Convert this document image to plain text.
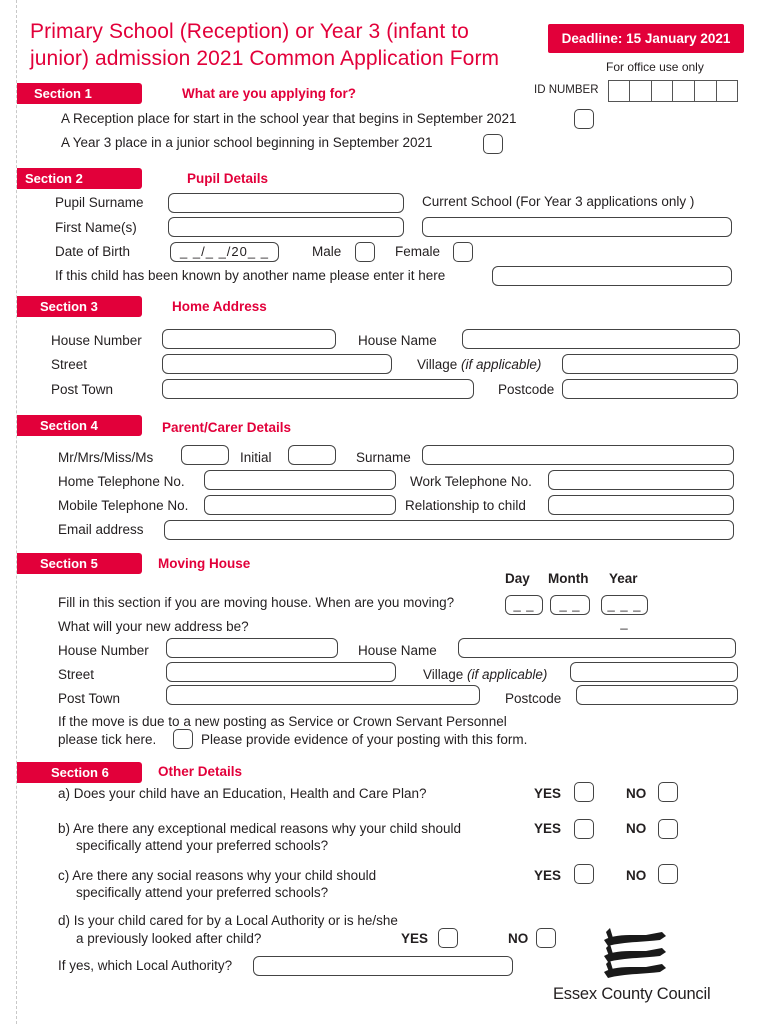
Primary School (Reception) or Year 3 (infant to
junior) admission 2021 Common Application Form
Deadline: 15 January 2021
For office use only
ID NUMBER
Section 1	What are you applying for?
A Reception place for start in the school year that begins in September 2021
A Year 3 place in a junior school beginning in September 2021
Section 2	Pupil Details
Pupil Surname	Current School (For Year 3 applications only )
First Name(s)
Date of Birth	_ _/_ _/20_ _	Male	Female
If this child has been known by another name please enter it here
Section 3	Home Address
House Number	House Name
Street	Village (if applicable)
Post Town	Postcode
Section 4	Parent/Carer Details
Mr/Mrs/Miss/Ms	Initial	Surname
Home Telephone No.	Work Telephone No.
Mobile Telephone No.	Relationship to child
Email address
Section 5	Moving House
Day Month Year
Fill in this section if you are moving house. When are you moving?	_ _	_ _	_ _ _ _
What will your new address be?
House Number	House Name
Street	Village (if applicable)
Post Town	Postcode
If the move is due to a new posting as Service or Crown Servant Personnel
please tick here.	Please provide evidence of your posting with this form.
Section 6	Other Details
a) Does your child have an Education, Health and Care Plan?	YES	NO
b) Are there any exceptional medical reasons why your child should
specifically attend your preferred schools?
YES	NO
c) Are there any social reasons why your child should
specifically attend your preferred schools?
YES	NO
d) Is your child cared for by a Local Authority or is he/she
a previously looked after child?	YES	NO
If yes, which Local Authority?
Essex County Council
